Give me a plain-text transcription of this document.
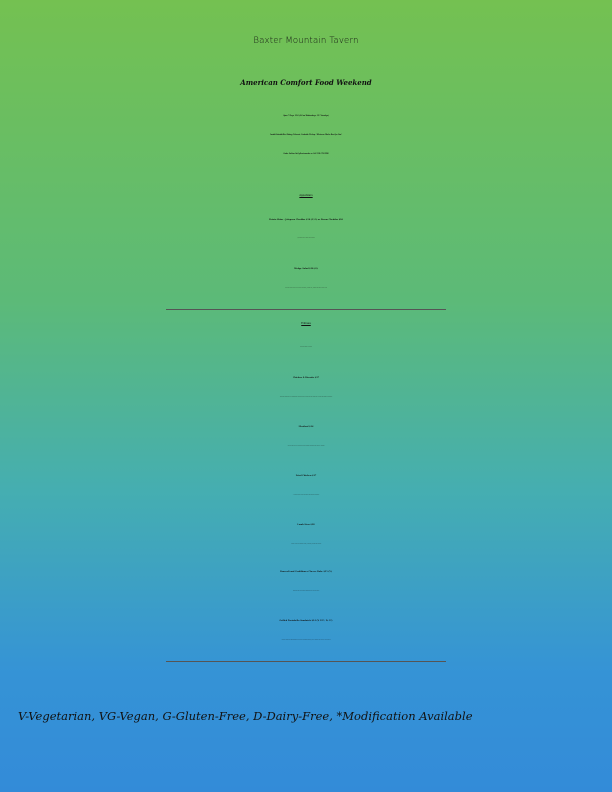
Baxter Mountain Tavern
American Comfort Food Weekend
Open 7 Days: 12-8 (4-8 on Wednesdays, 12-7 Sundays)
Inside/Outside/Bar Dining, Takeout, Curbside Pickup - Whatever Works Best for You!
Order Online: bit.ly/baxterorder or Call 518-576-9990
Appetizers
Potato Skins - Jalapeno Cheddar $10 (V, G) or Bacon Cheddar $10
(4) Skins served with Sour Cream
Wedge Salad $10 (G)
Iceberg lettuce with blue cheese dressing, bacon bits, tomato and hard-boiled egg
Entrees
Includes Soup or Salad
Chicken & Biscuits $17
Chicken casserole over homemade biscuits served with our own cranberry relish and mashed potatoes
Meatloaf $16
Topped with gravy and served with mashed potatoes and peas & carrots
Fried Chicken $17
3-Pieces served with coleslaw and mashed potatoes
Lamb Stew $18
Hearty stew with roasted lamb, potatoes, onion and carrots
Broccoli and Cauliflower Cheese Bake $15 (V)
Broccoli and cauliflower smothered in cheese sauce
Grilled Portobello Sandwich $14 (V, VG*, D, G*)
Grilled portobello mushroom on roll with balsamic onions, mixed greens and side of garlic mayo
V-Vegetarian, VG-Vegan, G-Gluten-Free, D-Dairy-Free, *Modification Available
